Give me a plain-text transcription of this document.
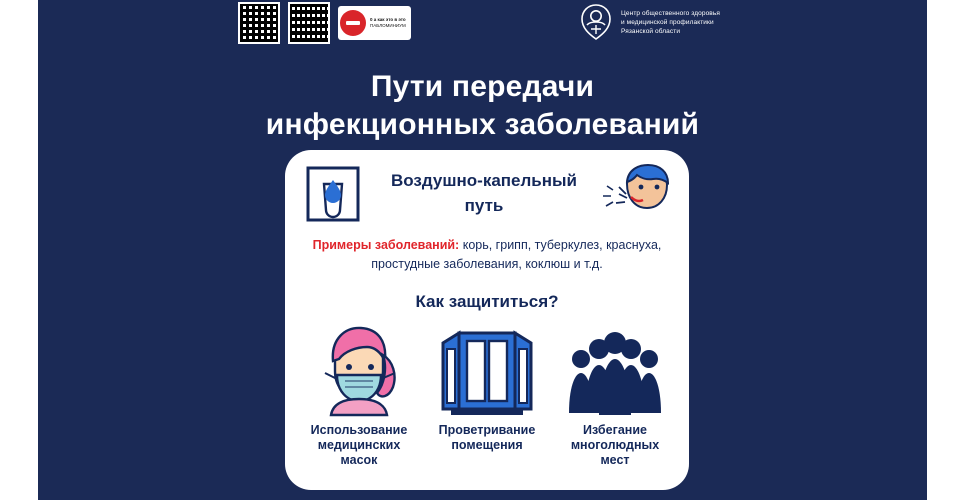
0 а как это в это
ПАБЛОМИНИУМ
Центр общественного здоровья
и медицинской профилактики
Рязанской области
Пути передачи
инфекционных заболеваний
Воздушно-капельный
путь
Примеры заболеваний: корь, грипп, туберкулез, краснуха, простудные заболевания, коклюш и т.д.
Как защититься?
Использование
медицинских
масок
Проветривание
помещения
Избегание
многолюдных
мест
